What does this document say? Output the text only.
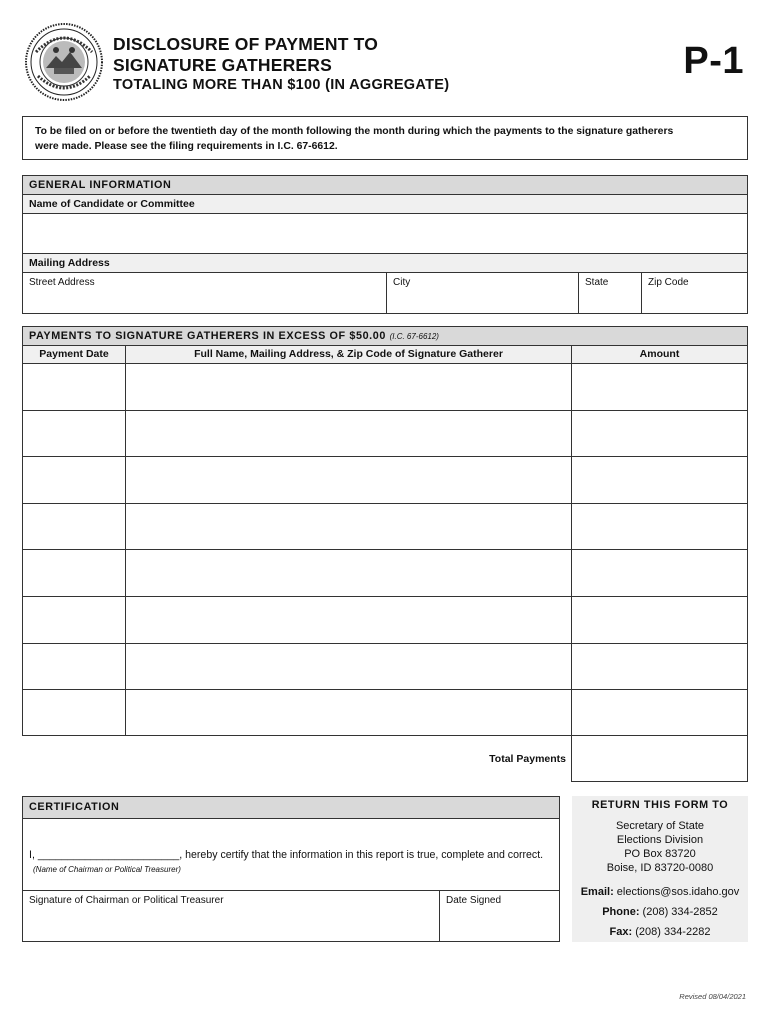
DISCLOSURE OF PAYMENT TO
SIGNATURE GATHERERS
TOTALING MORE THAN $100 (IN AGGREGATE)
P-1
To be filed on or before the twentieth day of the month following the month during which the payments to the signature gatherers
were made. Please see the filing requirements in I.C. 67-6612.
GENERAL INFORMATION
Name of Candidate or Committee
Mailing Address
Street Address	City	State	Zip Code
PAYMENTS TO SIGNATURE GATHERERS IN EXCESS OF $50.00 (I.C. 67-6612)
Payment Date	Full Name, Mailing Address, & Zip Code of Signature Gatherer	Amount
Total Payments
CERTIFICATION
I, ________________________, hereby certify that the information in this report is true, complete and correct.
(Name of Chairman or Political Treasurer)
Signature of Chairman or Political Treasurer	Date Signed
RETURN THIS FORM TO
Secretary of State
Elections Division
PO Box 83720
Boise, ID 83720-0080
Email: elections@sos.idaho.gov
Phone: (208) 334-2852
Fax: (208) 334-2282
Revised 08/04/2021
